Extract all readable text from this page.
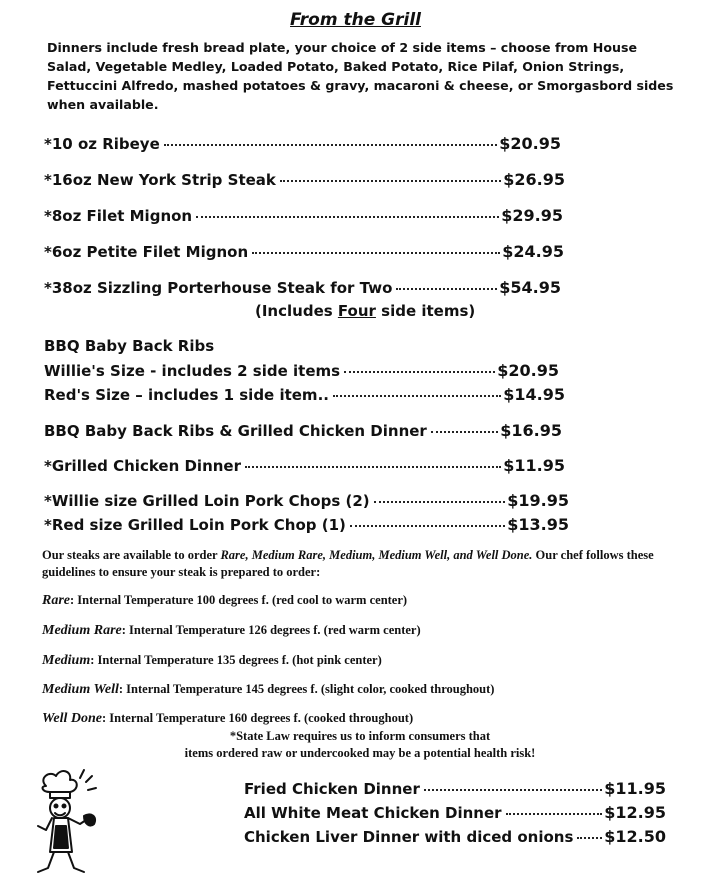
From the Grill
Dinners include fresh bread plate, your choice of 2 side items – choose from House Salad, Vegetable Medley, Loaded Potato, Baked Potato, Rice Pilaf, Onion Strings, Fettuccini Alfredo, mashed potatoes & gravy, macaroni & cheese, or Smorgasbord sides when available.
*10 oz Ribeye	$20.95
*16oz New York Strip Steak	$26.95
*8oz Filet Mignon	$29.95
*6oz Petite Filet Mignon	$24.95
*38oz Sizzling Porterhouse Steak for Two	$54.95
(Includes Four side items)
BBQ Baby Back Ribs
Willie's Size - includes 2 side items	$20.95
Red's Size – includes 1 side item..	$14.95
BBQ Baby Back Ribs & Grilled Chicken Dinner	$16.95
*Grilled Chicken Dinner	$11.95
*Willie size Grilled Loin Pork Chops (2)	$19.95
*Red size Grilled Loin Pork Chop (1)	$13.95
Our steaks are available to order Rare, Medium Rare, Medium, Medium Well, and Well Done. Our chef follows these guidelines to ensure your steak is prepared to order:
Rare: Internal Temperature 100 degrees f. (red cool to warm center)
Medium Rare: Internal Temperature 126 degrees f. (red warm center)
Medium: Internal Temperature 135 degrees f. (hot pink center)
Medium Well: Internal Temperature 145 degrees f. (slight color, cooked throughout)
Well Done: Internal Temperature 160 degrees f. (cooked throughout)
*State Law requires us to inform consumers that
items ordered raw or undercooked may be a potential health risk!
Fried Chicken Dinner	$11.95
All White Meat Chicken Dinner	$12.95
Chicken Liver Dinner with diced onions $12.50
